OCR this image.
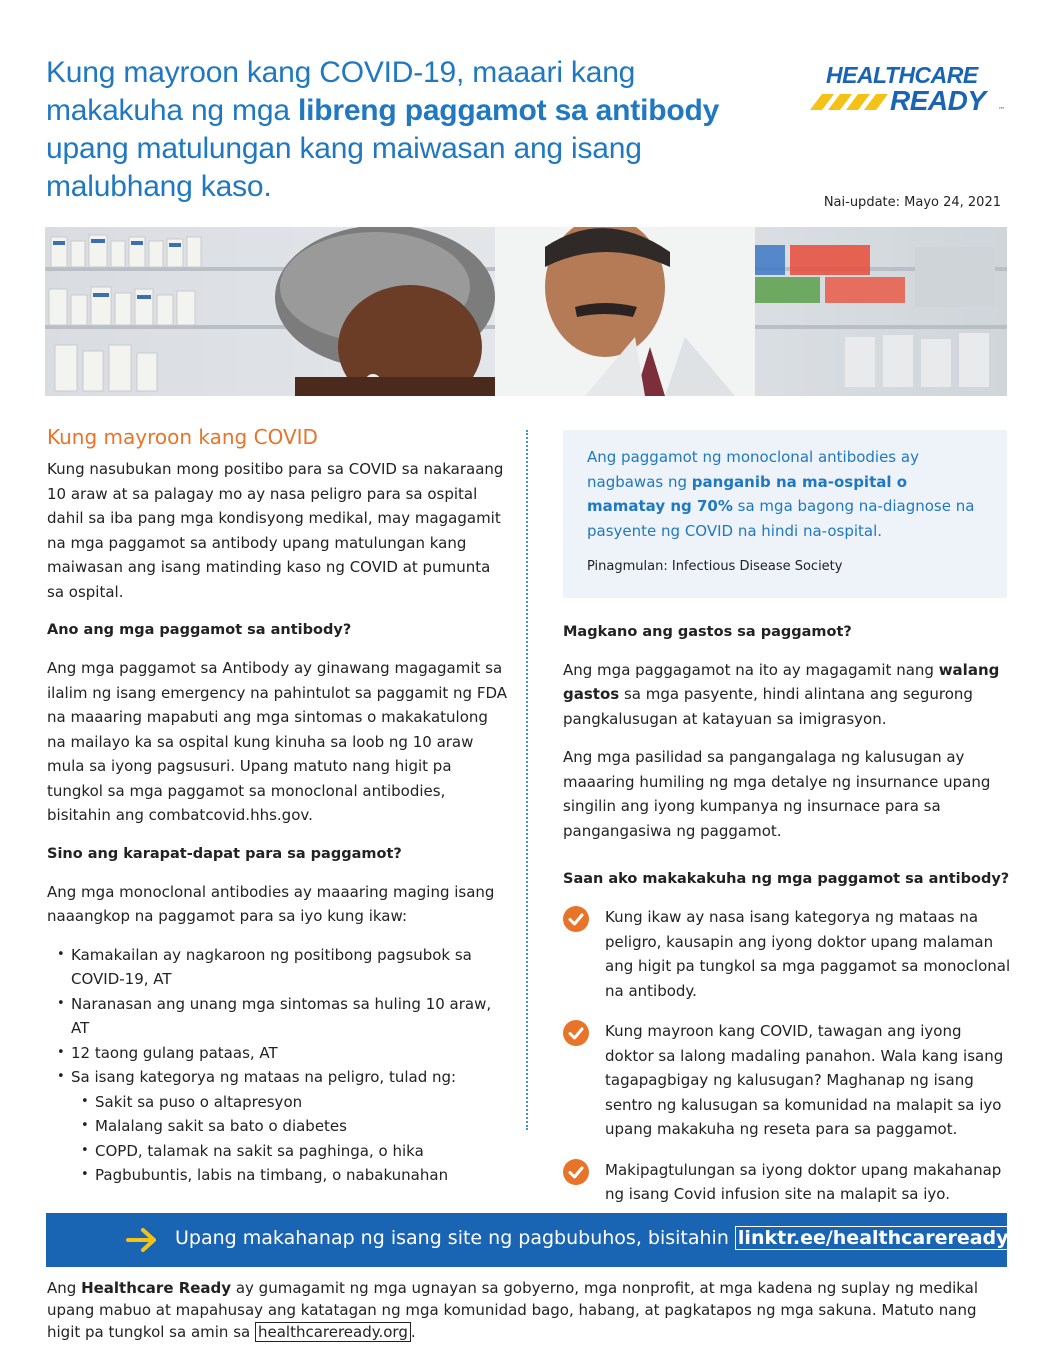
Kung mayroon kang COVID-19, maaari kang makakuha ng mga libreng paggamot sa antibody upang matulungan kang maiwasan ang isang malubhang kaso.
HEALTHCARE
READY	™
Nai-update: Mayo 24, 2021
Kung mayroon kang COVID

Kung nasubukan mong positibo para sa COVID sa nakaraang 10 araw at sa palagay mo ay nasa peligro para sa ospital dahil sa iba pang mga kondisyong medikal, may magagamit na mga paggamot sa antibody upang matulungan kang maiwasan ang isang matinding kaso ng COVID at pumunta sa ospital.

Ano ang mga paggamot sa antibody?

Ang mga paggamot sa Antibody ay ginawang magagamit sa ilalim ng isang emergency na pahintulot sa paggamit ng FDA na maaaring mapabuti ang mga sintomas o makakatulong na mailayo ka sa ospital kung kinuha sa loob ng 10 araw mula sa iyong pagsusuri. Upang matuto nang higit pa tungkol sa mga paggamot sa monoclonal antibodies, bisitahin ang combatcovid.hhs.gov.

Sino ang karapat-dapat para sa paggamot?

Ang mga monoclonal antibodies ay maaaring maging isang naaangkop na paggamot para sa iyo kung ikaw:

• Kamakailan ay nagkaroon ng positibong pagsubok sa COVID-19, AT
• Naranasan ang unang mga sintomas sa huling 10 araw, AT
• 12 taong gulang pataas, AT
• Sa isang kategorya ng mataas na peligro, tulad ng:
• Sakit sa puso o altapresyon
• Malalang sakit sa bato o diabetes
• COPD, talamak na sakit sa paghinga, o hika
• Pagbubuntis, labis na timbang, o nabakunahan

Ang paggamot ng monoclonal antibodies ay nagbawas ng panganib na ma-ospital o mamatay ng 70% sa mga bagong na-diagnose na pasyente ng COVID na hindi na-ospital.

Pinagmulan: Infectious Disease Society

Magkano ang gastos sa paggamot?

Ang mga paggagamot na ito ay magagamit nang walang gastos sa mga pasyente, hindi alintana ang segurong pangkalusugan at katayuan sa imigrasyon.

Ang mga pasilidad sa pangangalaga ng kalusugan ay maaaring humiling ng mga detalye ng insurnance upang singilin ang iyong kumpanya ng insurnace para sa pangangasiwa ng paggamot.

Saan ako makakakuha ng mga paggamot sa antibody?

Kung ikaw ay nasa isang kategorya ng mataas na peligro, kausapin ang iyong doktor upang malaman ang higit pa tungkol sa mga paggamot sa monoclonal na antibody.

Kung mayroon kang COVID, tawagan ang iyong doktor sa lalong madaling panahon. Wala kang isang tagapagbigay ng kalusugan? Maghanap ng isang sentro ng kalusugan sa komunidad na malapit sa iyo upang makakuha ng reseta para sa paggamot.

Makipagtulungan sa iyong doktor upang makahanap ng isang Covid infusion site na malapit sa iyo.

Upang makahanap ng isang site ng pagbubuhos, bisitahin linktr.ee/healthcareready .
Ang Healthcare Ready ay gumagamit ng mga ugnayan sa gobyerno, mga nonprofit, at mga kadena ng suplay ng medikal upang mabuo at mapahusay ang katatagan ng mga komunidad bago, habang, at pagkatapos ng mga sakuna. Matuto nang higit pa tungkol sa amin sa healthcareready.org .
